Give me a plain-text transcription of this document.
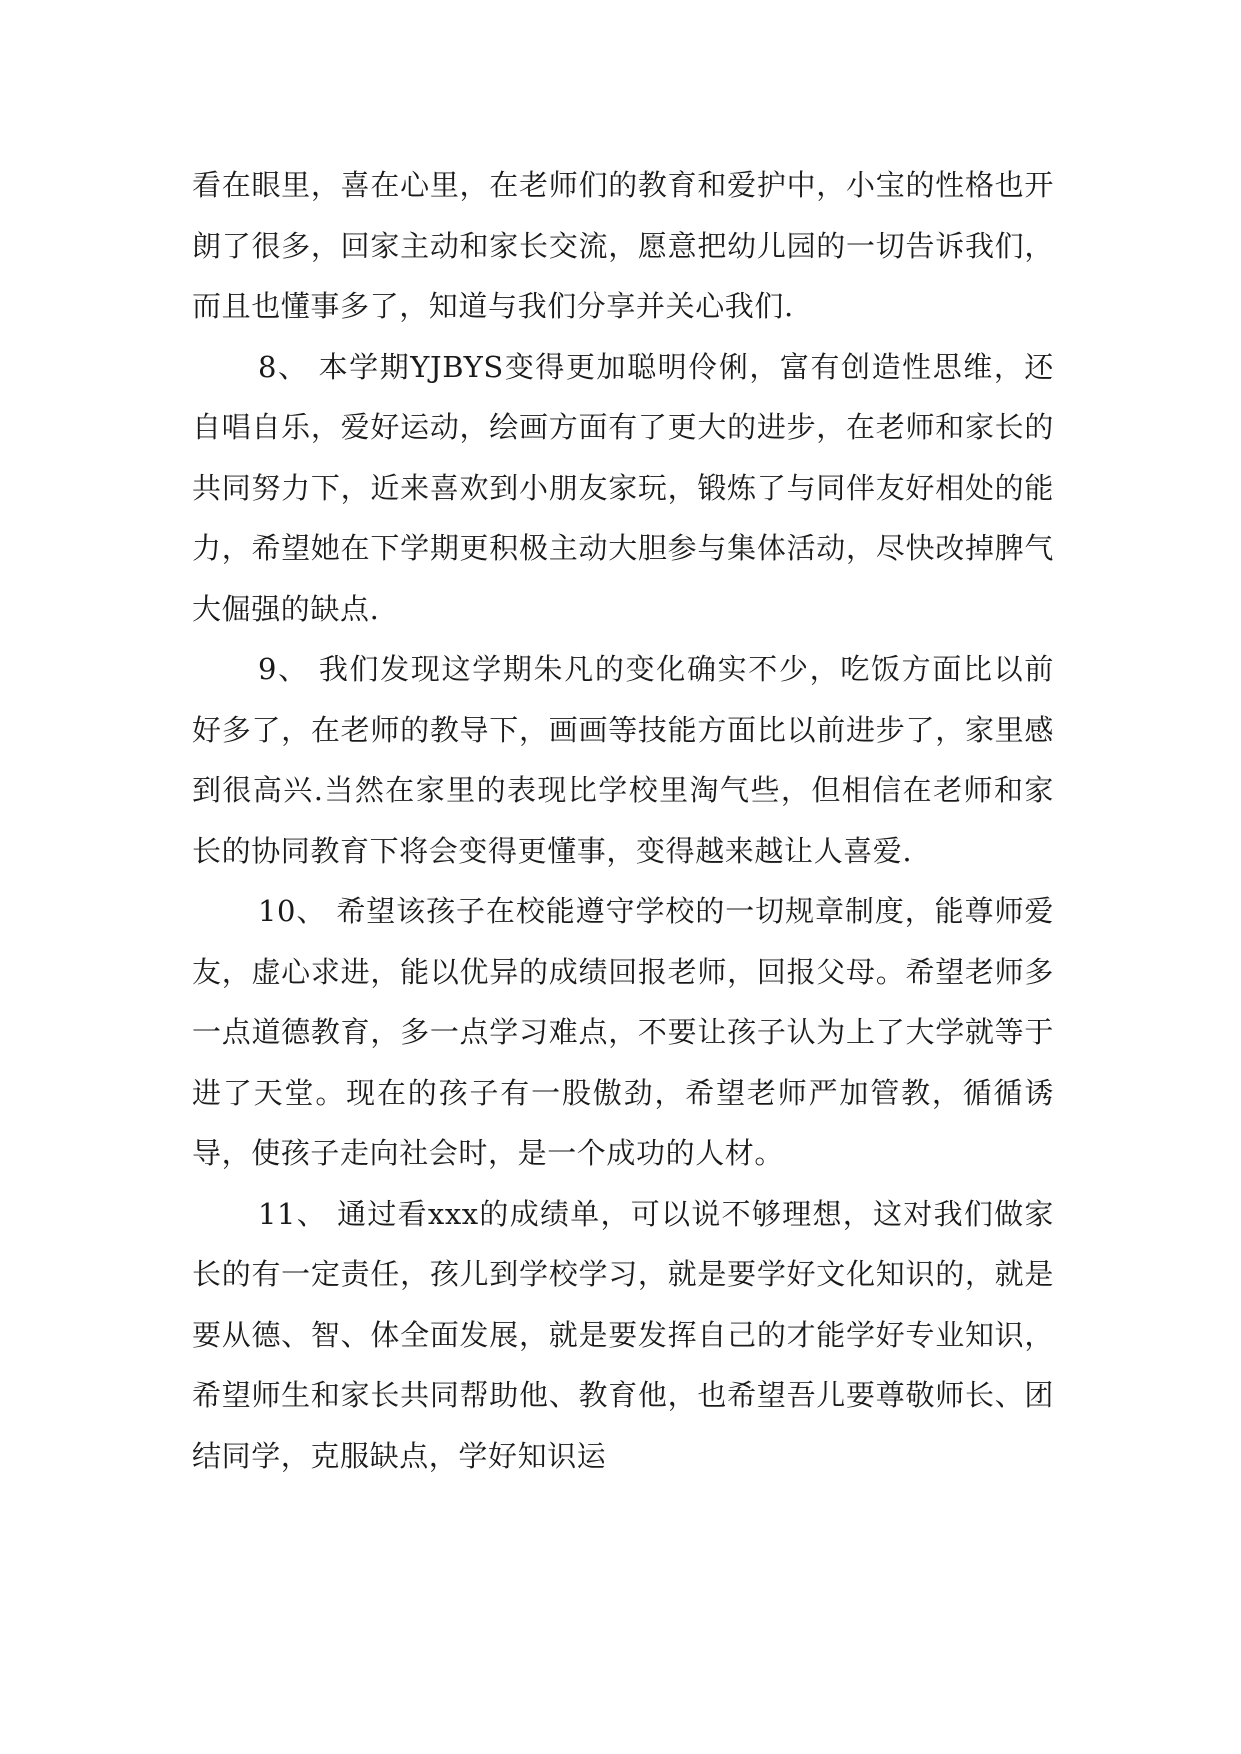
看在眼里，喜在心里，在老师们的教育和爱护中，小宝的性格也开朗了很多，回家主动和家长交流，愿意把幼儿园的一切告诉我们，而且也懂事多了，知道与我们分享并关心我们.

8、 本学期YJBYS变得更加聪明伶俐，富有创造性思维，还自唱自乐，爱好运动，绘画方面有了更大的进步，在老师和家长的共同努力下，近来喜欢到小朋友家玩，锻炼了与同伴友好相处的能力，希望她在下学期更积极主动大胆参与集体活动，尽快改掉脾气大倔强的缺点.

9、 我们发现这学期朱凡的变化确实不少，吃饭方面比以前好多了，在老师的教导下，画画等技能方面比以前进步了，家里感到很高兴.当然在家里的表现比学校里淘气些，但相信在老师和家长的协同教育下将会变得更懂事，变得越来越让人喜爱.

10、 希望该孩子在校能遵守学校的一切规章制度，能尊师爱友，虚心求进，能以优异的成绩回报老师，回报父母。希望老师多一点道德教育，多一点学习难点，不要让孩子认为上了大学就等于进了天堂。现在的孩子有一股傲劲，希望老师严加管教，循循诱导，使孩子走向社会时，是一个成功的人材。

11、 通过看xxx的成绩单，可以说不够理想，这对我们做家长的有一定责任，孩儿到学校学习，就是要学好文化知识的，就是要从德、智、体全面发展，就是要发挥自己的才能学好专业知识，希望师生和家长共同帮助他、教育他，也希望吾儿要尊敬师长、团结同学，克服缺点，学好知识运
